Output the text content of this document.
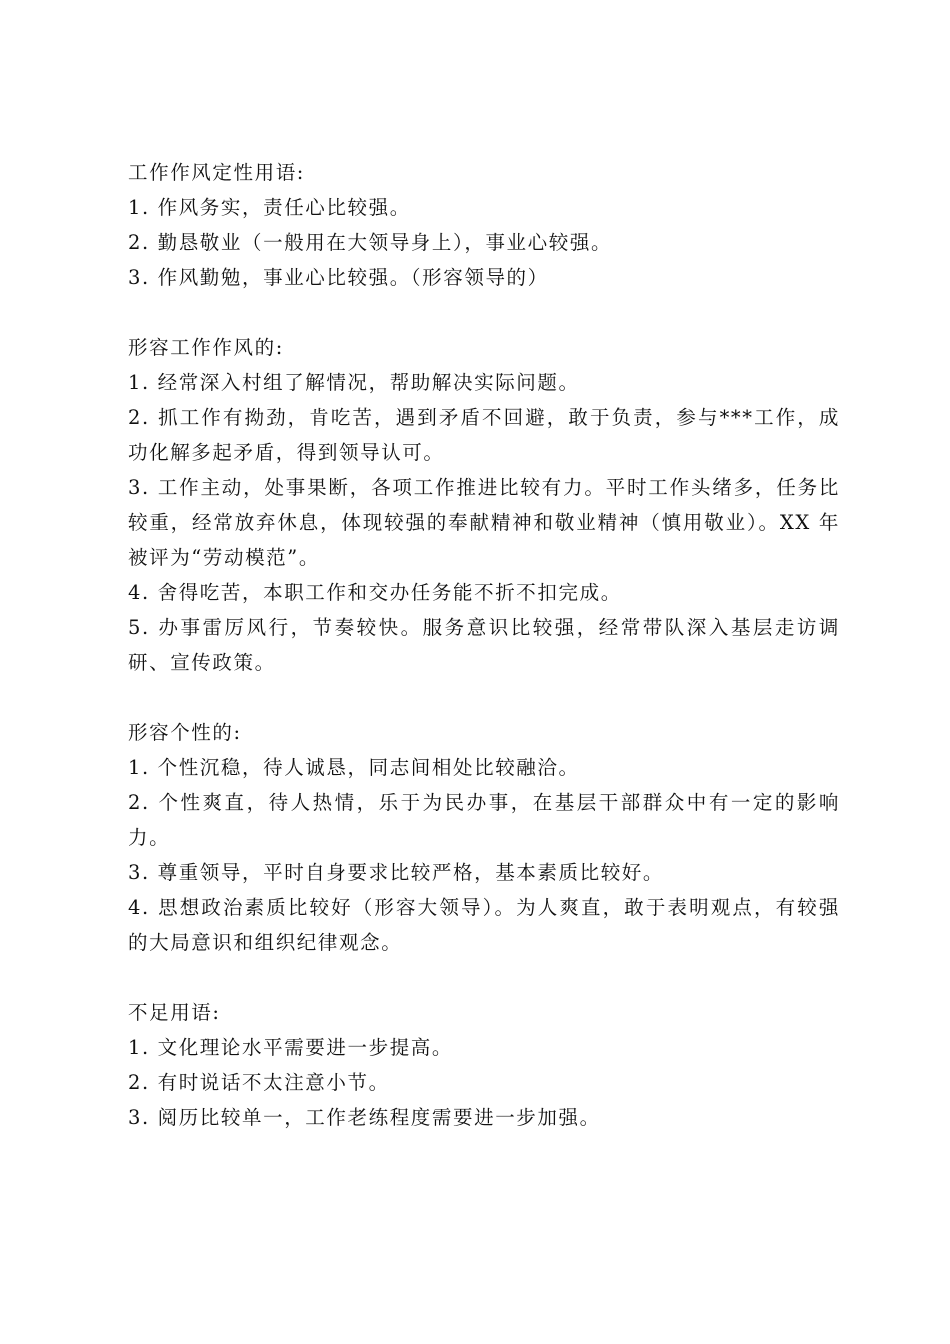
工作作风定性用语:

1. 作风务实，责任心比较强。

2. 勤恳敬业（一般用在大领导身上），事业心较强。

3. 作风勤勉，事业心比较强。（形容领导的）

形容工作作风的:

1. 经常深入村组了解情况，帮助解决实际问题。

2. 抓工作有拗劲，肯吃苦，遇到矛盾不回避，敢于负责，参与***工作，成功化解多起矛盾，得到领导认可。

3. 工作主动，处事果断，各项工作推进比较有力。平时工作头绪多，任务比较重，经常放弃休息，体现较强的奉献精神和敬业精神（慎用敬业）。XX 年被评为“劳动模范”。

4. 舍得吃苦，本职工作和交办任务能不折不扣完成。

5. 办事雷厉风行，节奏较快。服务意识比较强，经常带队深入基层走访调研、宣传政策。

形容个性的:

1. 个性沉稳，待人诚恳，同志间相处比较融洽。

2. 个性爽直，待人热情，乐于为民办事，在基层干部群众中有一定的影响力。

3. 尊重领导，平时自身要求比较严格，基本素质比较好。

4. 思想政治素质比较好（形容大领导）。为人爽直，敢于表明观点，有较强的大局意识和组织纪律观念。

不足用语:

1. 文化理论水平需要进一步提高。

2. 有时说话不太注意小节。

3. 阅历比较单一，工作老练程度需要进一步加强。
